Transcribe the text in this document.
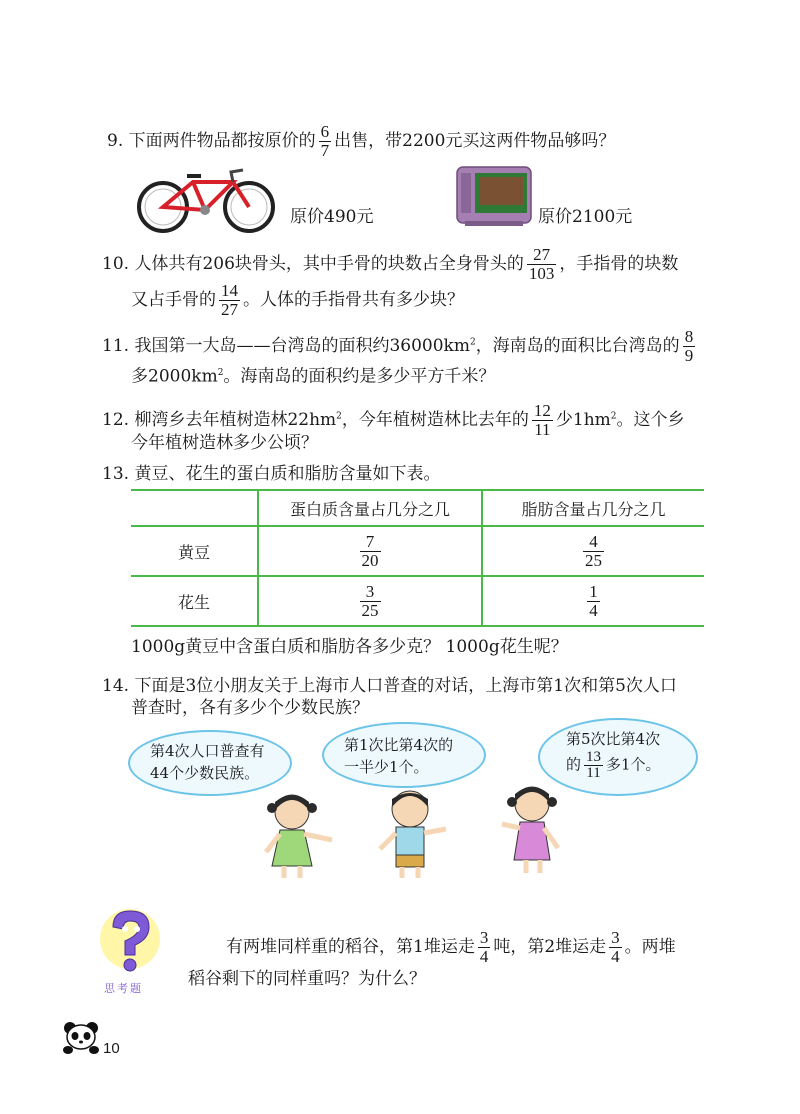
9. 下面两件物品都按原价的 $\frac{6}{7}$ 出售，带2200元买这两件物品够吗？
原价490元	原价2100元
10. 人体共有206块骨头，其中手骨的块数占全身骨头的 $\frac{27}{103}$ ，手指骨的块数
又占手骨的 $\frac{14}{27}$ 。人体的手指骨共有多少块？
11. 我国第一大岛——台湾岛的面积约$36000km^2$，海南岛的面积比台湾岛的 $\frac{8}{9}$
多$2000km^2$。海南岛的面积约是多少平方千米？
12. 柳湾乡去年植树造林$22hm^2$，今年植树造林比去年的 $\frac{12}{11}$ 少$1hm^2$。这个乡
今年植树造林多少公顷？
13. 黄豆、花生的蛋白质和脂肪含量如下表。
	蛋白质含量占几分之几	脂肪含量占几分之几
黄豆	$\frac{7}{20}$	$\frac{4}{25}$

花生	$\frac{3}{25}$	$\frac{1}{4}$
1000g黄豆中含蛋白质和脂肪各多少克？ 1000g花生呢？
14. 下面是3位小朋友关于上海市人口普查的对话，上海市第1次和第5次人口
普查时，各有多少个少数民族？
第4次人口普查有
44个少数民族。
第1次比第4次的
一半少1个。
第5次比第4次
的 $\frac{13}{11}$ 多1个。
思考题
有两堆同样重的稻谷，第1堆运走 $\frac{3}{4}$ 吨，第2堆运走 $\frac{3}{4}$ 。两堆
稻谷剩下的同样重吗？为什么？
10
